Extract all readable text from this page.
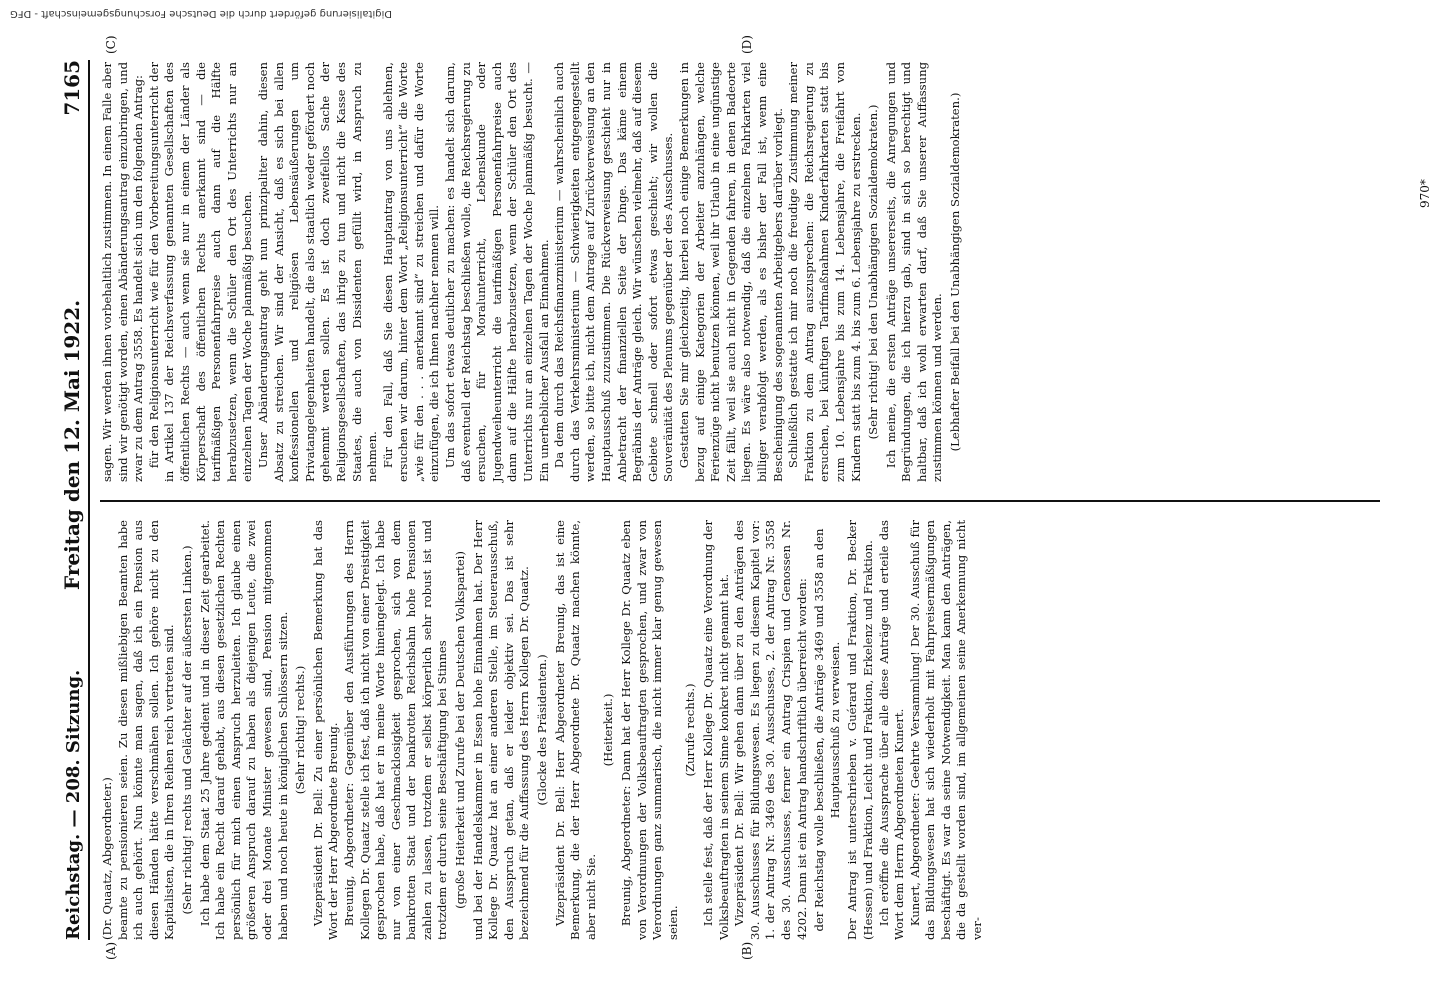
Reichstag. — 208. Sitzung.
Freitag den 12. Mai 1922.
7165
(A)	(B)
(C)	(D)

(Dr. Quaatz, Abgeordneter.) beamte zu pensionieren seien. Zu diesen mißliebigen Beamten habe ich auch gehört. Nun könnte man sagen, daß ich ein Pension aus diesen Händen hätte verschmähen sollen. Ich gehöre nicht zu den Kapitalisten, die in Ihren Reihen reich vertreten sind. (Sehr richtig! rechts und Gelächter auf der äußersten Linken.) Ich habe dem Staat 25 Jahre gedient und in dieser Zeit gearbeitet. Ich habe ein Recht darauf gehabt, aus diesen gesetzlichen Rechten persönlich für mich einen Anspruch herzuleiten. Ich glaube einen größeren Anspruch darauf zu haben als diejenigen Leute, die zwei oder drei Monate Minister gewesen sind, Pension mitgenommen haben und noch heute in königlichen Schlössern sitzen. (Sehr richtig! rechts.) Vizepräsident Dr. Bell: Zu einer persönlichen Bemerkung hat das Wort der Herr Abgeordnete Breunig. Breunig, Abgeordneter: Gegenüber den Ausführungen des Herrn Kollegen Dr. Quaatz stelle ich fest, daß ich nicht von einer Dreistigkeit gesprochen habe, daß hat er in meine Worte hineingelegt. Ich habe nur von einer Geschmacklosigkeit gesprochen, sich von dem bankrotten Staat und der bankrotten Reichsbahn hohe Pensionen zahlen zu lassen, trotzdem er selbst körperlich sehr robust ist und trotzdem er durch seine Beschäftigung bei Stinnes (große Heiterkeit und Zurufe bei der Deutschen Volkspartei) und bei der Handelskammer in Essen hohe Einnahmen hat. Der Herr Kollege Dr. Quaatz hat an einer anderen Stelle, im Steuerausschuß, den Ausspruch getan, daß er leider objektiv sei. Das ist sehr bezeichnend für die Auffassung des Herrn Kollegen Dr. Quaatz. (Glocke des Präsidenten.) Vizepräsident Dr. Bell: Herr Abgeordneter Breunig, das ist eine Bemerkung, die der Herr Abgeordnete Dr. Quaatz machen könnte, aber nicht Sie.

(Heiterkeit.) Breunig, Abgeordneter: Dann hat der Herr Kollege Dr. Quaatz eben von Verordnungen der Volksbeauftragten gesprochen, und zwar von Verordnungen ganz summarisch, die nicht immer klar genug gewesen seien.

(Zurufe rechts.) Ich stelle fest, daß der Herr Kollege Dr. Quaatz eine Verordnung der Volksbeauftragten in seinem Sinne konkret nicht genannt hat. Vizepräsident Dr. Bell: Wir gehen dann über zu den Anträgen des 30. Ausschusses für Bildungswesen. Es liegen zu diesem Kapitel vor: 1. der Antrag Nr. 3469 des 30. Ausschusses, 2. der Antrag Nr. 3558 des 30. Ausschusses, ferner ein Antrag Crispien und Genossen Nr. 4202. Dann ist ein Antrag handschriftlich überreicht worden: der Reichstag wolle beschließen, die Anträge 3469 und 3558 an den Hauptausschuß zu verweisen. Der Antrag ist unterschrieben v. Guérard und Fraktion, Dr. Becker (Hessen) und Fraktion, Leicht und Fraktion, Erkelenz und Fraktion. Ich eröffne die Aussprache über alle diese Anträge und erteile das Wort dem Herrn Abgeordneten Kunert. Kunert, Abgeordneter: Geehrte Versammlung! Der 30. Ausschuß für das Bildungswesen hat sich wiederholt mit Fahrpreisermäßigungen beschäftigt. Es war da seine Notwendigkeit. Man kann den Anträgen, die da gestellt worden sind, im allgemeinen seine Anerkennung nicht ver-

sagen. Wir werden ihnen vorbehaltlich zustimmen. In einem Falle aber sind wir genötigt worden, einen Abänderungsantrag einzubringen, und zwar zu dem Antrag 3558. Es handelt sich um den folgenden Antrag: für den Religionsunterricht wie für den Vorbereitungsunterricht der in Artikel 137 der Reichsverfassung genannten Gesellschaften des öffentlichen Rechts — auch wenn sie nur in einem der Länder als Körperschaft des öffentlichen Rechts anerkannt sind — die tarifmäßigen Personenfahrpreise auch dann auf die Hälfte herabzusetzen, wenn die Schüler den Ort des Unterrichts nur an einzelnen Tagen der Woche planmäßig besuchen. Unser Abänderungsantrag geht nun prinzipaliter dahin, diesen Absatz zu streichen. Wir sind der Ansicht, daß es sich bei allen konfessionellen und religiösen Lebensäußerungen um Privatangelegenheiten handelt, die also staatlich weder gefördert noch gehemmt werden sollen. Es ist doch zweifellos Sache der Religionsgesellschaften, das ihrige zu tun und nicht die Kasse des Staates, die auch von Dissidenten gefüllt wird, in Anspruch zu nehmen. Für den Fall, daß Sie diesen Hauptantrag von uns ablehnen, ersuchen wir darum, hinter dem Wort „Religionsunterricht“ die Worte „wie für den . . . anerkannt sind“ zu streichen und dafür die Worte einzufügen, die ich Ihnen nachher nennen will. Um das sofort etwas deutlicher zu machen: es handelt sich darum, daß eventuell der Reichstag beschließen wolle, die Reichsregierung zu ersuchen, für Moralunterricht, Lebenskunde oder Jugendweiheunterricht die tarifmäßigen Personenfahrpreise auch dann auf die Hälfte herabzusetzen, wenn der Schüler den Ort des Unterrichts nur an einzelnen Tagen der Woche planmäßig besucht. — Ein unerheblicher Ausfall an Einnahmen. Da dem durch das Reichsfinanzministerium — wahrscheinlich auch durch das Verkehrsministerium — Schwierigkeiten entgegengestellt werden, so bitte ich, nicht dem Antrage auf Zurückverweisung an den Hauptausschuß zuzustimmen. Die Rückverweisung geschieht nur in Anbetracht der finanziellen Seite der Dinge. Das käme einem Begräbnis der Anträge gleich. Wir wünschen vielmehr, daß auf diesem Gebiete schnell oder sofort etwas geschieht; wir wollen die Souveränität des Plenums gegenüber der des Ausschusses. Gestatten Sie mir gleichzeitig, hierbei noch einige Bemerkungen in bezug auf einige Kategorien der Arbeiter anzuhängen, welche Ferienzüge nicht benutzen können, weil ihr Urlaub in eine ungünstige Zeit fällt, weil sie auch nicht in Gegenden fahren, in denen Badeorte liegen. Es wäre also notwendig, daß die einzelnen Fahrkarten viel billiger verabfolgt werden, als es bisher der Fall ist, wenn eine Bescheinigung des sogenannten Arbeitgebers darüber vorliegt. Schließlich gestatte ich mir noch die freudige Zustimmung meiner Fraktion zu dem Antrag auszusprechen: die Reichsregierung zu ersuchen, bei künftigen Tarifmaßnahmen Kinderfahrkarten statt bis zum 10. Lebensjahre bis zum 14. Lebensjahre, die Freifahrt von Kindern statt bis zum 4. bis zum 6. Lebensjahre zu erstrecken. (Sehr richtig! bei den Unabhängigen Sozialdemokraten.) Ich meine, die ersten Anträge unsererseits, die Anregungen und Begründungen, die ich hierzu gab, sind in sich so berechtigt und haltbar, daß ich wohl erwarten darf, daß Sie unserer Auffassung zustimmen können und werden. (Lebhafter Beifall bei den Unabhängigen Sozialdemokraten.)	970*
Digitalisierung gefördert durch die Deutsche Forschungsgemeinschaft - DFG
